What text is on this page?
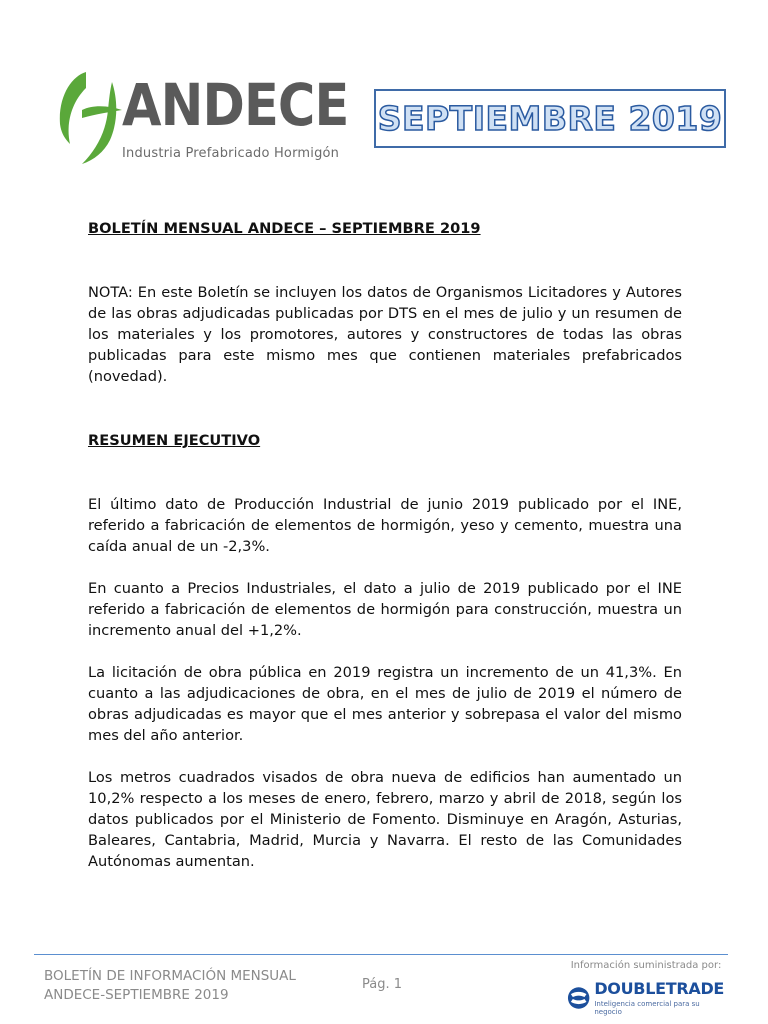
ANDECE
Industria Prefabricado Hormigón
SEPTIEMBRE 2019

BOLETÍN MENSUAL ANDECE – SEPTIEMBRE 2019

NOTA: En este Boletín se incluyen los datos de Organismos Licitadores y Autores de las obras adjudicadas publicadas por DTS en el mes de julio y un resumen de los materiales y los promotores, autores y constructores de todas las obras publicadas para este mismo mes que contienen materiales prefabricados (novedad).

RESUMEN EJECUTIVO

El último dato de Producción Industrial de junio 2019 publicado por el INE, referido a fabricación de elementos de hormigón, yeso y cemento, muestra una caída anual de un -2,3%.

En cuanto a Precios Industriales, el dato a julio de 2019 publicado por el INE referido a fabricación de elementos de hormigón para construcción, muestra un incremento anual del +1,2%.

La licitación de obra pública en 2019 registra un incremento de un 41,3%. En cuanto a las adjudicaciones de obra, en el mes de julio de 2019 el número de obras adjudicadas es mayor que el mes anterior y sobrepasa el valor del mismo mes del año anterior.

Los metros cuadrados visados de obra nueva de edificios han aumentado un 10,2% respecto a los meses de enero, febrero, marzo y abril de 2018, según los datos publicados por el Ministerio de Fomento. Disminuye en Aragón, Asturias, Baleares, Cantabria, Madrid, Murcia y Navarra. El resto de las Comunidades Autónomas aumentan.

BOLETÍN DE INFORMACIÓN MENSUAL
ANDECE-SEPTIEMBRE 2019
Pág. 1
Información suministrada por:
DOUBLETRADE
Inteligencia comercial para su negocio
